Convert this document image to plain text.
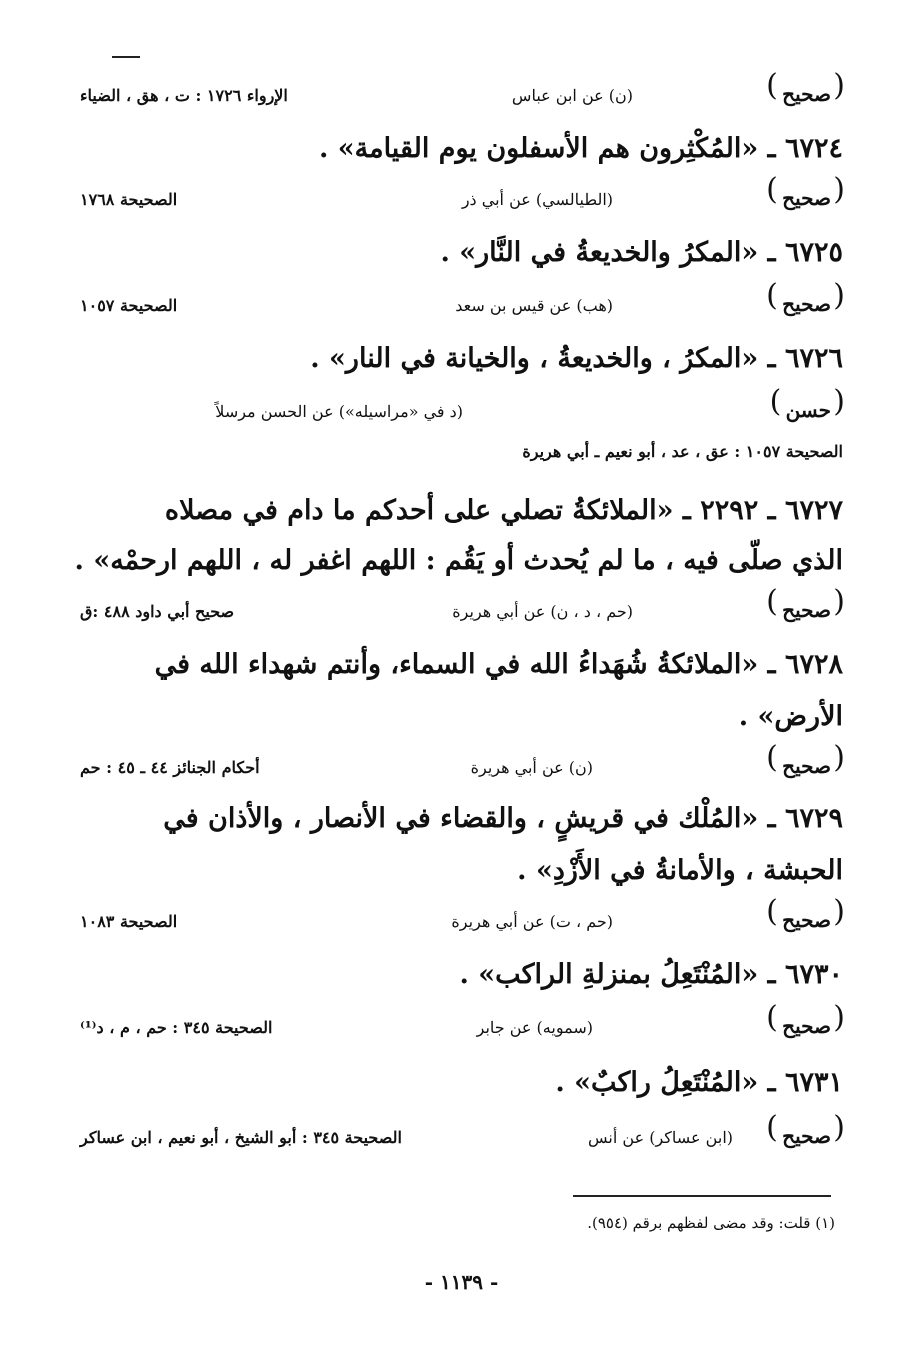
( صحيح )
(ن) عن ابن عباس
الإرواء ١٧٢٦ : ت ، هق ، الضياء
٦٧٢٤ ـ «المُكْثِرون هم الأسفلون يوم القيامة» .
( صحيح )
(الطيالسي) عن أبي ذر
الصحيحة ١٧٦٨
٦٧٢٥ ـ «المكرُ والخديعةُ في النَّار» .
( صحيح )
(هب) عن قيس بن سعد
الصحيحة ١٠٥٧
٦٧٢٦ ـ «المكرُ ، والخديعةُ ، والخيانة في النار» .
( حسن )
(د في «مراسيله») عن الحسن مرسلاً
الصحيحة ١٠٥٧ : عق ، عد ، أبو نعيم ـ أبي هريرة
٦٧٢٧ ـ ٢٢٩٢ ـ «الملائكةُ تصلي على أحدكم ما دام في مصلاه
الذي صلّى فيه ، ما لم يُحدث أو يَقُم : اللهم اغفر له ، اللهم ارحمْه» .
( صحيح )
(حم ، د ، ن) عن أبي هريرة
صحيح أبي داود ٤٨٨ :ق
٦٧٢٨ ـ «الملائكةُ شُهَداءُ الله في السماء، وأنتم شهداء الله في
الأرض» .
( صحيح )
(ن) عن أبي هريرة
أحكام الجنائز ٤٤ ـ ٤٥ : حم
٦٧٢٩ ـ «المُلْك في قريشٍ ، والقضاء في الأنصار ، والأذان في
الحبشة ، والأمانةُ في الأَزْدِ» .
( صحيح )
(حم ، ت) عن أبي هريرة
الصحيحة ١٠٨٣
٦٧٣٠ ـ «المُنْتَعِلُ بمنزلةِ الراكب» .
( صحيح )
(سمويه) عن جابر
الصحيحة ٣٤٥ : حم ، م ، د⁽¹⁾
٦٧٣١ ـ «المُنْتَعِلُ راكبٌ» .
( صحيح )
(ابن عساكر) عن أنس
الصحيحة ٣٤٥ : أبو الشيخ ، أبو نعيم ، ابن عساكر
(١) قلت: وقد مضى لفظهم برقم (٩٥٤).
- ١١٣٩ -
